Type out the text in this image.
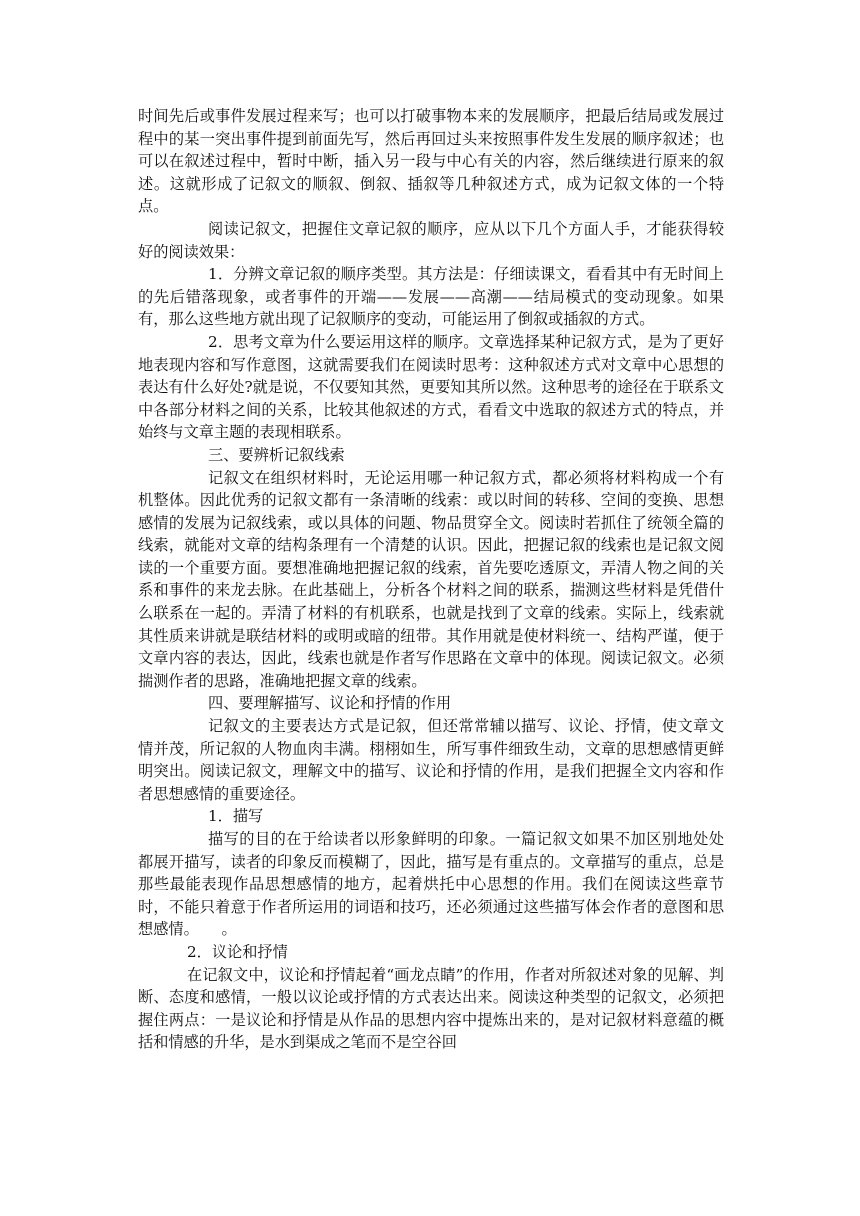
时间先后或事件发展过程来写；也可以打破事物本来的发展顺序，把最后结局或发展过程中的某一突出事件提到前面先写，然后再回过头来按照事件发生发展的顺序叙述；也可以在叙述过程中，暂时中断，插入另一段与中心有关的内容，然后继续进行原来的叙述。这就形成了记叙文的顺叙、倒叙、插叙等几种叙述方式，成为记叙文体的一个特点。

阅读记叙文，把握住文章记叙的顺序，应从以下几个方面人手，才能获得较好的阅读效果：

1．分辨文章记叙的顺序类型。其方法是：仔细读课文，看看其中有无时间上的先后错落现象，或者事件的开端——发展——高潮——结局模式的变动现象。如果有，那么这些地方就出现了记叙顺序的变动，可能运用了倒叙或插叙的方式。

2．思考文章为什么要运用这样的顺序。文章选择某种记叙方式，是为了更好地表现内容和写作意图，这就需要我们在阅读时思考：这种叙述方式对文章中心思想的表达有什么好处?就是说，不仅要知其然，更要知其所以然。这种思考的途径在于联系文中各部分材料之间的关系，比较其他叙述的方式，看看文中选取的叙述方式的特点，并始终与文章主题的表现相联系。

三、要辨析记叙线索

记叙文在组织材料时，无论运用哪一种记叙方式，都必须将材料构成一个有机整体。因此优秀的记叙文都有一条清晰的线索：或以时间的转移、空间的变换、思想感情的发展为记叙线索，或以具体的问题、物品贯穿全文。阅读时若抓住了统领全篇的线索，就能对文章的结构条理有一个清楚的认识。因此，把握记叙的线索也是记叙文阅读的一个重要方面。要想准确地把握记叙的线索，首先要吃透原文，弄清人物之间的关系和事件的来龙去脉。在此基础上，分析各个材料之间的联系，揣测这些材料是凭借什么联系在一起的。弄清了材料的有机联系，也就是找到了文章的线索。实际上，线索就其性质来讲就是联结材料的或明或暗的纽带。其作用就是使材料统一、结构严谨，便于文章内容的表达，因此，线索也就是作者写作思路在文章中的体现。阅读记叙文。必须揣测作者的思路，准确地把握文章的线索。

四、要理解描写、议论和抒情的作用

记叙文的主要表达方式是记叙，但还常常辅以描写、议论、抒情，使文章文情并茂，所记叙的人物血肉丰满。栩栩如生，所写事件细致生动，文章的思想感情更鲜明突出。阅读记叙文，理解文中的描写、议论和抒情的作用，是我们把握全文内容和作者思想感情的重要途径。

1．描写

描写的目的在于给读者以形象鲜明的印象。一篇记叙文如果不加区别地处处都展开描写，读者的印象反而模糊了，因此，描写是有重点的。文章描写的重点，总是那些最能表现作品思想感情的地方，起着烘托中心思想的作用。我们在阅读这些章节时，不能只着意于作者所运用的词语和技巧，还必须通过这些描写体会作者的意图和思想感情。　　。

2．议论和抒情

在记叙文中，议论和抒情起着“画龙点睛”的作用，作者对所叙述对象的见解、判断、态度和感情，一般以议论或抒情的方式表达出来。阅读这种类型的记叙文，必须把握住两点：一是议论和抒情是从作品的思想内容中提炼出来的，是对记叙材料意蕴的概括和情感的升华，是水到渠成之笔而不是空谷回
